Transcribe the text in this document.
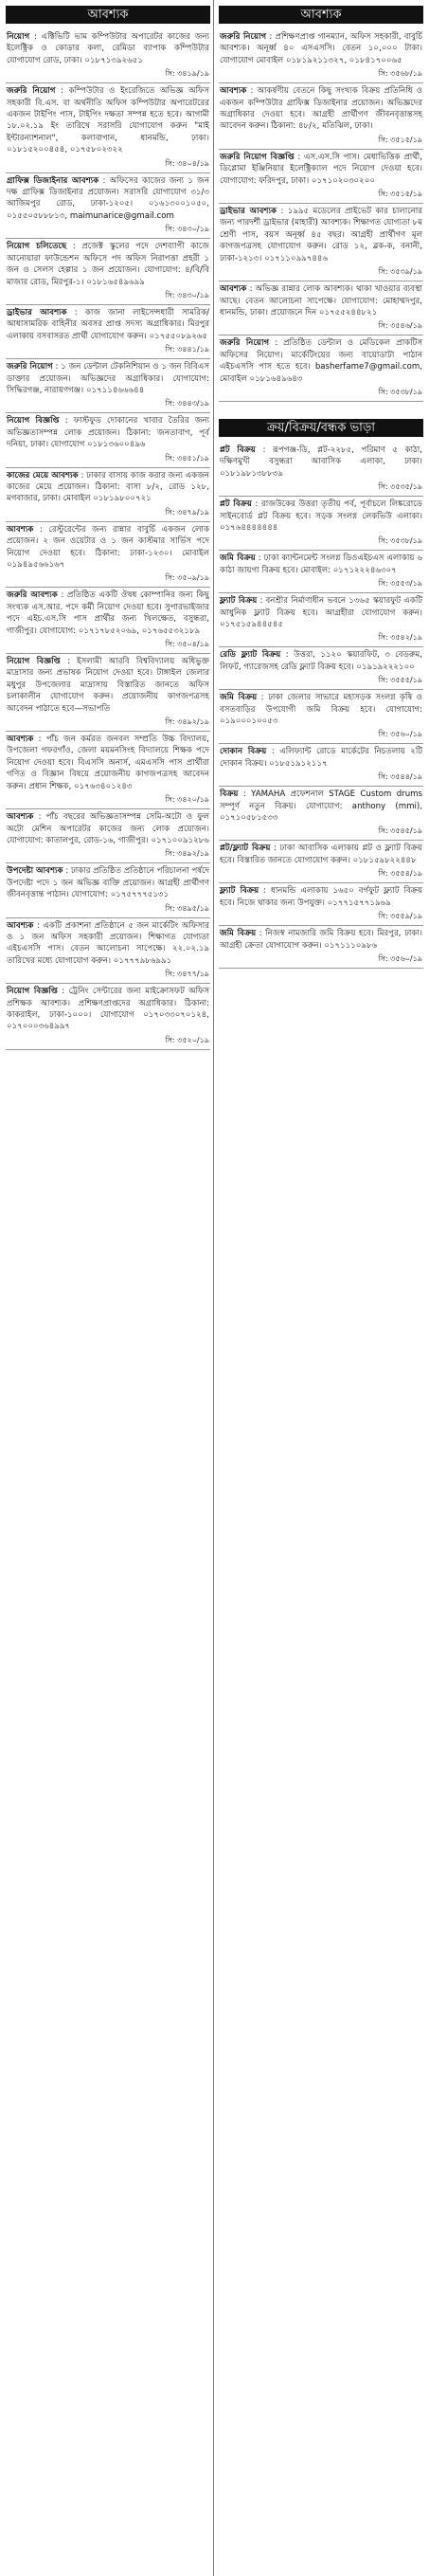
আবশ্যক
নিয়োগ : এক্টিভিটি ভাম কম্পিউটার অপারেটর কাজের জন্য ইলেক্ট্রিক ও কোডার কলা, রেমিডা ব্যাপাক কম্পিউটার যোগাযোগ রোড, ঢাকা। ০১৮৭১৩৯২৬৫১
সি: ৩৪১৯/১৯
জরুরি নিয়োগ : কম্পিউটার ও ইংরেজিতে অভিজ্ঞ অফিস সহকারী বি.এস. বা অর্থনীতি অফিস কম্পিউটার অপারেটরের একজন টাইপিং পাস, টাইপিং দক্ষতা সম্পন্ন হতে হবে। আগামী ১৮.০২.১৯ ইং তারিখে সরাসরি যোগাযোগ করুন "মাই ইন্টারন্যাশনাল", কলাবাগান, ধানমন্ডি, ঢাকা। ০১৮১৫২০০৪৫৪, ০১৭৫৮০২৩২২
সি: ৩৪০৪/১৯
গ্রাফিক্স ডিজাইনার আবশ্যক : অফিসের কাজের জন্য ১ জন দক্ষ গ্রাফিক্স ডিজাইনার প্রয়োজন। সরাসরি যোগাযোগ ৩১/৩ আজিমপুর রোড, ঢাকা-১২০৫। ০১৬১৩০০১০৫০, ০১৫৫০৫৮৮৮১৩, maimunarice@gmail.com
সি: ৩৪৩০/১৯
নিয়োগ চলিতেছে : প্রজেক্ট স্কুলের পদে দেশব্যাপী কাজে আনোয়ারা ফাউন্ডেশন অফিসে পদ অফিস নিরাপত্তা প্রহরী ১ জন ও সেলস হেল্পার ১ জন প্রয়োজন। যোগাযোগ: ৪/বি/বি মাজার রোড, মিরপুর-১। ০১৮১৬৫৪৯৬৯৯
সি: ৩৪৩০/১৯
ড্রাইভার আবশ্যক : কাজ জানা লাইসেন্সধারী সামরিক/আধাসামরিক বাহিনীর অবসর প্রাপ্ত সদস্য অগ্রাধিকার। মিরপুর এলাকায় বসবাসরত প্রার্থী যোগাযোগ করুন। ০১৭৫৫০৮৯২৬৫
সি: ৩৪৪১/১৯
জরুরি নিয়োগ : ১ জন ডেন্টাল টেকনিশিয়ান ও ১ জন বিবিএস ডাক্তার প্রয়োজন। অভিজ্ঞদের অগ্রাধিকার। যোগাযোগ: সিদ্ধিরগঞ্জ, নারায়ণগঞ্জ। ০১৭১১৪৬৬৬৪৪
সি: ৩৪৪৩/১৯
নিয়োগ বিজ্ঞপ্তি : ফাস্টফুড দোকানের খাবার তৈরির জন্য অভিজ্ঞতাসম্পন্ন লোক প্রয়োজন। ঠিকানা: জনতাবাগ, পূর্ব দনিয়া, ঢাকা। যোগাযোগ ০১৮১৩৬০০৪৯৬
সি: ৩৪৫১/১৯
কাজের মেয়ে আবশ্যক : ঢাকার বাসায় কাজ করার জন্য একজন কাজের মেয়ে প্রয়োজন। ঠিকানা: বাসা ৮/২, রোড ১২৮, মগবাজার, ঢাকা। মোবাইল ০১৮১৯৮০০৭২১
সি: ৩৪৭৯/১৯
আবশ্যক : রেস্টুরেন্টের জন্য রান্নার বাবুর্চি একজন লোক প্রয়োজন। ২ জন ওয়েটার ও ১ জন কাস্টমার সার্ভিস পদে নিয়োগ দেওয়া হবে। ঠিকানা: ঢাকা-১২৩০। মোবাইল ০১৯৪৯৫৬৬১৬৭
সি: ৩৫০৯/১৯
জরুরি আবশ্যক : প্রতিষ্ঠিত একটি ঔষধ কোম্পানির জন্য কিছু সংখ্যক এস.আর. পদে কর্মী নিয়োগ দেওয়া হবে। সুপারভাইজার পদে এইচ.এস.সি পাস প্রার্থীর জন্য খিলক্ষেত, বসুন্ধরা, গাজীপুর। যোগাযোগ: ০১৭১৭৮৫২০৬৯, ০১৭৬৫৫৩২১৮৯
সি: ৩৫০৪/১৯
নিয়োগ বিজ্ঞপ্তি : ইসলামী আরবি বিশ্ববিদ্যালয় অধিভুক্ত মাদ্রাসার জন্য প্রভাষক নিয়োগ দেওয়া হবে। টাঙ্গাইল জেলার মধুপুর উপজেলার মাদ্রাসায় বিস্তারিত জানতে অফিস চলাকালীন যোগাযোগ করুন। প্রয়োজনীয় কাগজপত্রসহ আবেদন পাঠাতে হবে—সভাপতি
সি: ৩৪৯২/১৯
আবশ্যক : পাঁচ জন কর্মরত জনবল সম্প্রতি উচ্চ বিদ্যালয়, উপজেলা গফরগাঁও, জেলা ময়মনসিংহ বিদ্যালয়ে শিক্ষক পদে নিয়োগ দেওয়া হবে। বিএসসি অনার্স, এমএসসি পাস প্রার্থীরা গণিত ও বিজ্ঞান বিষয়ে প্রয়োজনীয় কাগজপত্রসহ আবেদন করুন। প্রধান শিক্ষক, ০১৭৬৩৪০১২৪৩
সি: ৩৪২০/১৯
আবশ্যক : পাঁচ বছরের অভিজ্ঞতাসম্পন্ন সেমি-অটো ও ফুল অটো মেশিন অপারেটর কাজের জন্য লোক প্রয়োজন। যোগাযোগ: কাতালপুর, রোড-১৬, গাজীপুর। ০১৭১০০৯১২৮৬
সি: ৩৪৯২/১৯
উপদেষ্টা আবশ্যক : ঢাকার প্রতিষ্ঠিত প্রতিষ্ঠানে পরিচালনা পর্ষদে উপদেষ্টা পদে ১ জন অভিজ্ঞ ব্যক্তি প্রয়োজন। আগ্রহী প্রার্থীগণ জীবনবৃত্তান্ত পাঠান। যোগাযোগ: ০১৭৫৭৭৭৫১৩১
সি: ৩৪৯৫/১৯
আবশ্যক : একটি প্রকাশনা প্রতিষ্ঠানে ৫ জন মার্কেটিং অফিসার ও ১ জন অফিস সহকারী প্রয়োজন। শিক্ষাগত যোগ্যতা এইচএসসি পাস। বেতন আলোচনা সাপেক্ষে। ২২.০২.১৯ তারিখের মধ্যে যোগাযোগ করুন। ০১৭৭৭৯৮৬৯৯১
সি: ৩৪৭৭/১৯
নিয়োগ বিজ্ঞপ্তি : ট্রেনিং সেন্টারের জন্য মাইক্রোসফট অফিস প্রশিক্ষক আবশ্যক। প্রশিক্ষণপ্রাপ্তদের অগ্রাধিকার। ঠিকানা: কাকরাইল, ঢাকা-১০০০। যোগাযোগ ০১৭০৩৩০৭০১২৪, ০১৭০০০৩৬৪৯৯৭
সি: ৩৫২০/১৯
আবশ্যক
জরুরি নিয়োগ : প্রশিক্ষণপ্রাপ্ত গানম্যান, অফিস সহকারী, বাবুর্চি আবশ্যক। অনূর্ধ্ব ৪০ এসএসসি। বেতন ১০,০০০ টাকা। যোগাযোগ মোবাইল ০১৮১৯২১১৩২৭, ০১৮৪১৭০০৬৫
সি: ৩৫৬৮/১৯
আবশ্যক : আকর্ষণীয় বেতনে কিছু সংখ্যক বিক্রয় প্রতিনিধি ও একজন কম্পিউটার গ্রাফিক্স ডিজাইনার প্রয়োজন। অভিজ্ঞদের অগ্রাধিকার দেওয়া হবে। আগ্রহী প্রার্থীগণ জীবনবৃত্তান্তসহ আবেদন করুন। ঠিকানা: ৪৮/২, মতিঝিল, ঢাকা।
সি: ৩৫১৫/১৯
জরুরি নিয়োগ বিজ্ঞপ্তি : এস.এস.সি পাস। মেধাভিত্তিক প্রার্থী, ডিপ্লোমা ইঞ্জিনিয়ার ইলেক্ট্রিক্যাল পদে নিয়োগ দেওয়া হবে। যোগাযোগ: ফরিদপুর, ঢাকা। ০১৭১০২০৩০২০০
সি: ৩৫১৫/১৯
ড্রাইভার আবশ্যক : ১৯৯৫ মডেলের প্রাইভেট কার চালানোর জন্য পারদর্শী ড্রাইভার (মাহারী) আবশ্যক। শিক্ষাগত যোগ্যতা ৮ম শ্রেণী পাস, বয়স অনূর্ধ্ব ৪৫ বছর। আগ্রহী প্রার্থীগণ মূল কাগজপত্রসহ যোগাযোগ করুন। রোড ১২, ব্লক-ক, বনানী, ঢাকা-১২১৩। ০১৭১১০৯৯৭৪৪৬
সি: ৩৫৩৯/১৯
আবশ্যক : অভিজ্ঞ রান্নার লোক আবশ্যক। থাকা খাওয়ার ব্যবস্থা আছে। বেতন আলোচনা সাপেক্ষে। যোগাযোগ: মোহাম্মদপুর, ধানমন্ডি, ঢাকা। প্রয়োজনে দিন ০১৭৫৫২৪৪৮২১
সি: ৩৫৪৬/১৯
জরুরি নিয়োগ : প্রতিষ্ঠিত ডেন্টাল ও মেডিকেল প্রাকটিস অফিসের নিয়োগ। মার্কেটিংয়ের জন্য বায়োডাটা পাঠান এইচএসসি পাস হতে হবে। basherfame7@gmail.com, মোবাইল ০১৮১৬৪৯৬৪৩
সি: ৩৫৩৮/১৯
ক্রয়/বিক্রয়/বন্ধক ভাড়া
প্লট বিক্রয় : রূপগঞ্জ-ডি, প্লট-২২৮৫, পরিমাণ ৫ কাঠা, দক্ষিণমুখী বসুন্ধরা আবাসিক এলাকা, ঢাকা। ০১৮১৯৮১৩৮৮৩৯
সি: ৩৫৩৫/১৯
প্লট বিক্রয় : রাজউকের উত্তরা তৃতীয় পর্ব, পূর্বাচলে লিঙ্করোডে সাইনবোর্ড প্লট বিক্রয় হবে। সড়ক সংলগ্ন লেকভিউ এলাকা। ০১৭৬৪৪৪৪৪৪৪
সি: ৩৫৩৮/১৯
জমি বিক্রয় : ঢাকা ক্যান্টনমেন্ট সংলগ্ন ডিওএইচএস এলাকায় ৬ কাঠা জায়গা বিক্রয় হবে। মোবাইল: ০১৭১২২২৪৬৩০৭
সি: ৩৫৫৩/১৯
ফ্ল্যাট বিক্রয় : বনশ্রীর নির্মাণাধীন ভবনে ১৩৬৫ স্কয়ারফুট একটি আধুনিক ফ্ল্যাট বিক্রয় হবে। আগ্রহীরা যোগাযোগ করুন। ০১৭৫১৫৯৪৪৫৪৫
সি: ৩৫৪২/১৯
রেডি ফ্ল্যাট বিক্রয় : উত্তরা, ১১২০ স্কয়ারফিট, ৩ বেডরুম, লিফট, গ্যারেজসহ রেডি ফ্ল্যাট বিক্রয় হবে। ০১৯১৯২২২১০০
সি: ৩৫৫৫/১৯
জমি বিক্রয় : ঢাকা জেলার সাভারে মহাসড়ক সংলগ্ন কৃষি ও বসতবাড়ির উপযোগী জমি বিক্রয় হবে। যোগাযোগ: ০১৯০০০১০০৫৩
সি: ৩৫৬০/১৯
দোকান বিক্রয় : এলিফ্যান্ট রোডে মার্কেটের নিচতলায় ২টি দোকান বিক্রয়। ০১৮৫১৯১২১১৭
সি: ৩৫৪৪/১৯
বিক্রয় : YAMAHA প্রফেশনাল STAGE Custom drums সম্পূর্ণ নতুন বিক্রয়। যোগাযোগ: anthony (mmi), ০১৭১০৫৮১৫৩৩
সি: ৩৫৪৫/১৯
প্লট/ফ্ল্যাট বিক্রয় : ঢাকা আবাসিক এলাকায় প্লট ও ফ্ল্যাট বিক্রয় হবে। বিস্তারিত জানতে যোগাযোগ করুন। ০১৮১৫৯৮২২৪৪৮
সি: ৩৫৫৪/১৯
ফ্ল্যাট বিক্রয় : ধানমন্ডি এলাকায় ১৬৫০ বর্গফুট ফ্ল্যাট বিক্রয় হবে। নিজে থাকার জন্য উপযুক্ত। ০১৭৭১৫৭৭১৯৬৯
সি: ৩৫৫৯/১৯
জমি বিক্রয় : নিজস্ব নামজারি জমি বিক্রয় হবে। মিরপুর, ঢাকা। আগ্রহী ক্রেতা যোগাযোগ করুন। ০১৭১১১০৯৮৬
সি: ৩৫৬০/১৯
